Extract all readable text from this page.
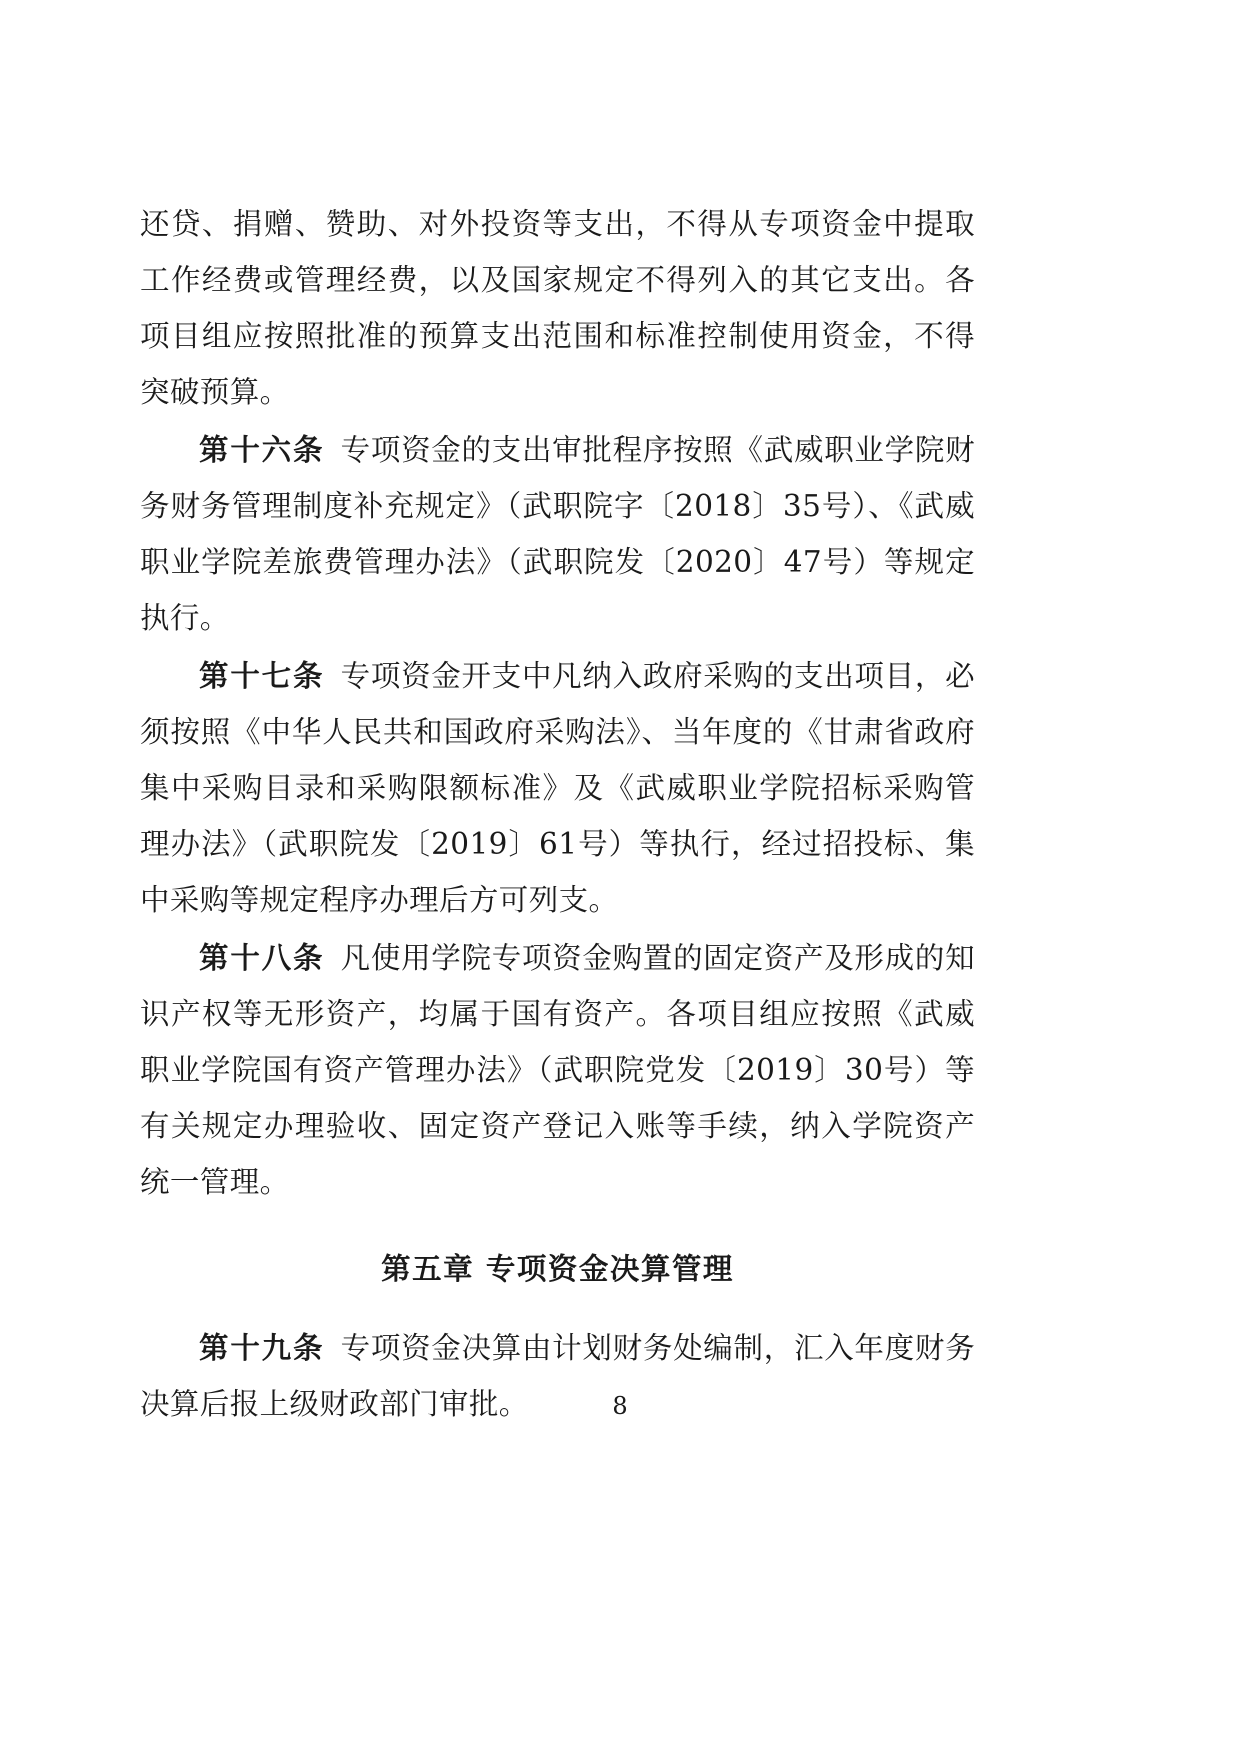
还贷、捐赠、赞助、对外投资等支出，不得从专项资金中提取工作经费或管理经费，以及国家规定不得列入的其它支出。各项目组应按照批准的预算支出范围和标准控制使用资金，不得突破预算。

第十六条 专项资金的支出审批程序按照《武威职业学院财务财务管理制度补充规定》（武职院字〔2018〕35号）、《武威职业学院差旅费管理办法》（武职院发〔2020〕47号）等规定执行。

第十七条 专项资金开支中凡纳入政府采购的支出项目，必须按照《中华人民共和国政府采购法》、当年度的《甘肃省政府集中采购目录和采购限额标准》及《武威职业学院招标采购管理办法》（武职院发〔2019〕61号）等执行，经过招投标、集中采购等规定程序办理后方可列支。

第十八条 凡使用学院专项资金购置的固定资产及形成的知识产权等无形资产，均属于国有资产。各项目组应按照《武威职业学院国有资产管理办法》（武职院党发〔2019〕30号）等有关规定办理验收、固定资产登记入账等手续，纳入学院资产统一管理。

第五章 专项资金决算管理

第十九条 专项资金决算由计划财务处编制，汇入年度财务决算后报上级财政部门审批。	8
